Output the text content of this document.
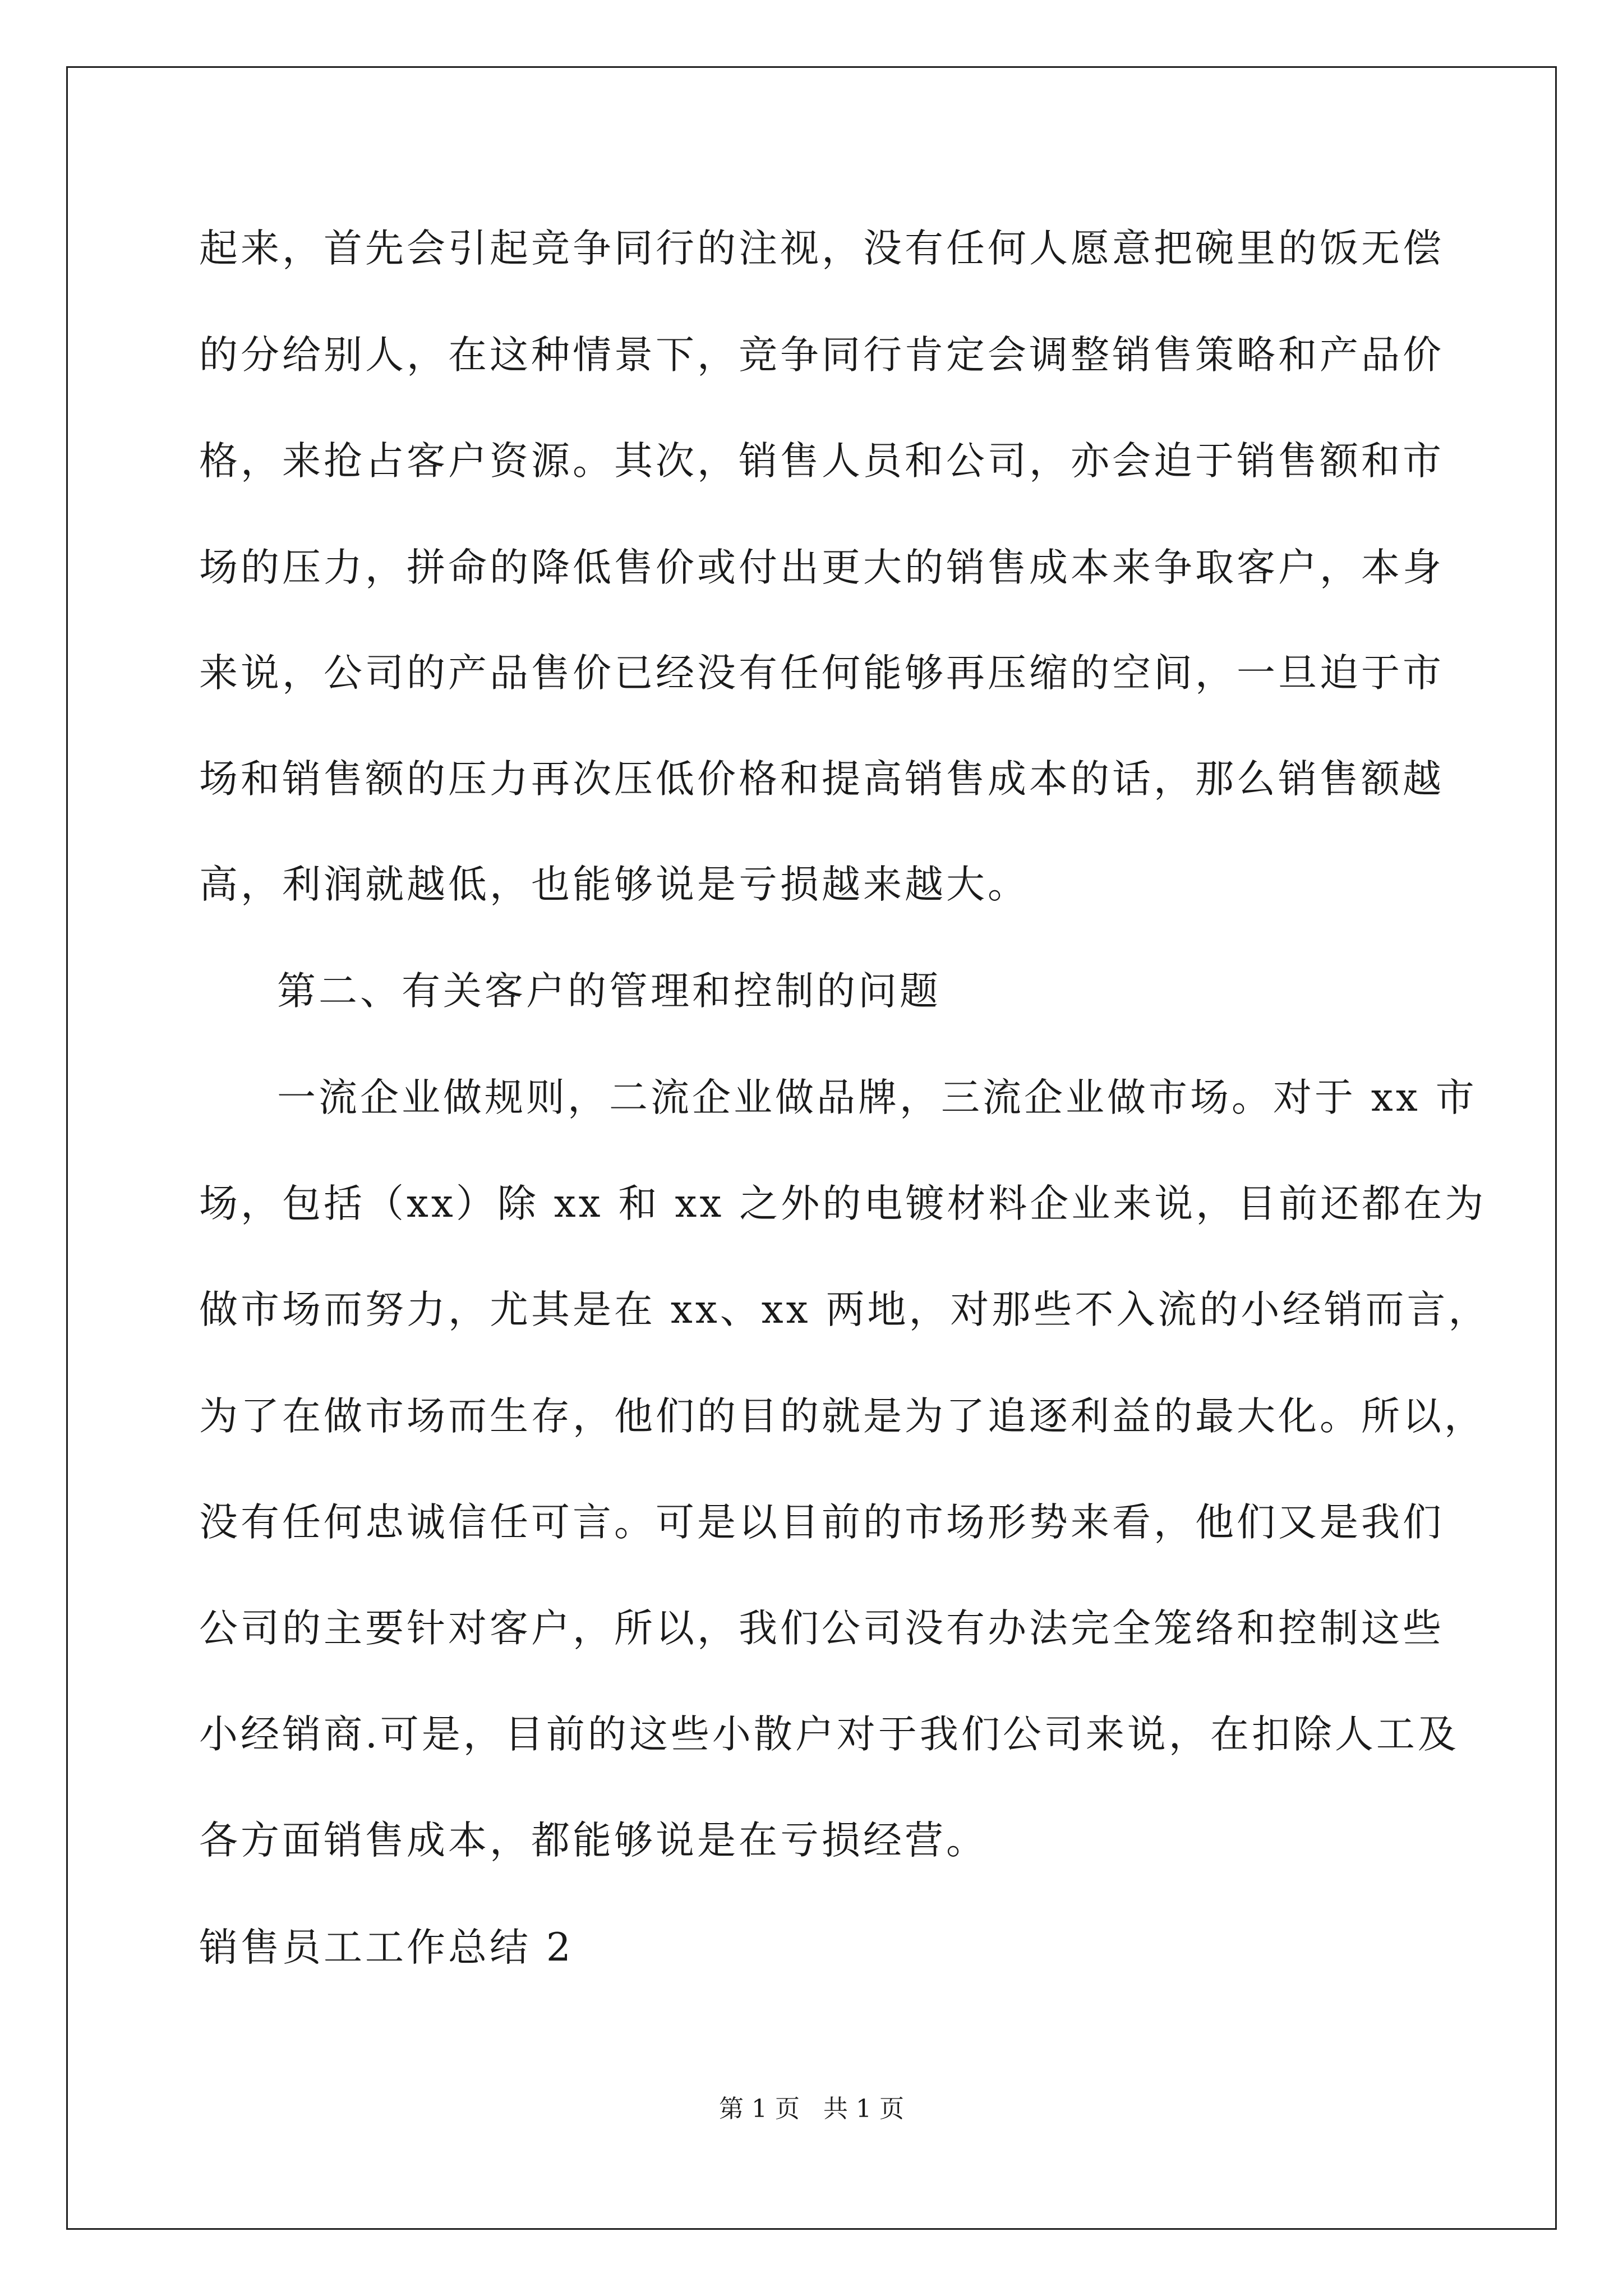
起来，首先会引起竞争同行的注视，没有任何人愿意把碗里的饭无偿
的分给别人，在这种情景下，竞争同行肯定会调整销售策略和产品价
格，来抢占客户资源。其次，销售人员和公司，亦会迫于销售额和市
场的压力，拼命的降低售价或付出更大的销售成本来争取客户，本身
来说，公司的产品售价已经没有任何能够再压缩的空间，一旦迫于市
场和销售额的压力再次压低价格和提高销售成本的话，那么销售额越
高，利润就越低，也能够说是亏损越来越大。
第二、有关客户的管理和控制的问题
一流企业做规则，二流企业做品牌，三流企业做市场。对于 xx 市
场，包括（xx）除 xx 和 xx 之外的电镀材料企业来说，目前还都在为
做市场而努力，尤其是在 xx、xx 两地，对那些不入流的小经销而言，
为了在做市场而生存，他们的目的就是为了追逐利益的最大化。所以，
没有任何忠诚信任可言。可是以目前的市场形势来看，他们又是我们
公司的主要针对客户，所以，我们公司没有办法完全笼络和控制这些
小经销商.可是，目前的这些小散户对于我们公司来说，在扣除人工及
各方面销售成本，都能够说是在亏损经营。
销售员工工作总结 2
第 1 页   共 1 页
